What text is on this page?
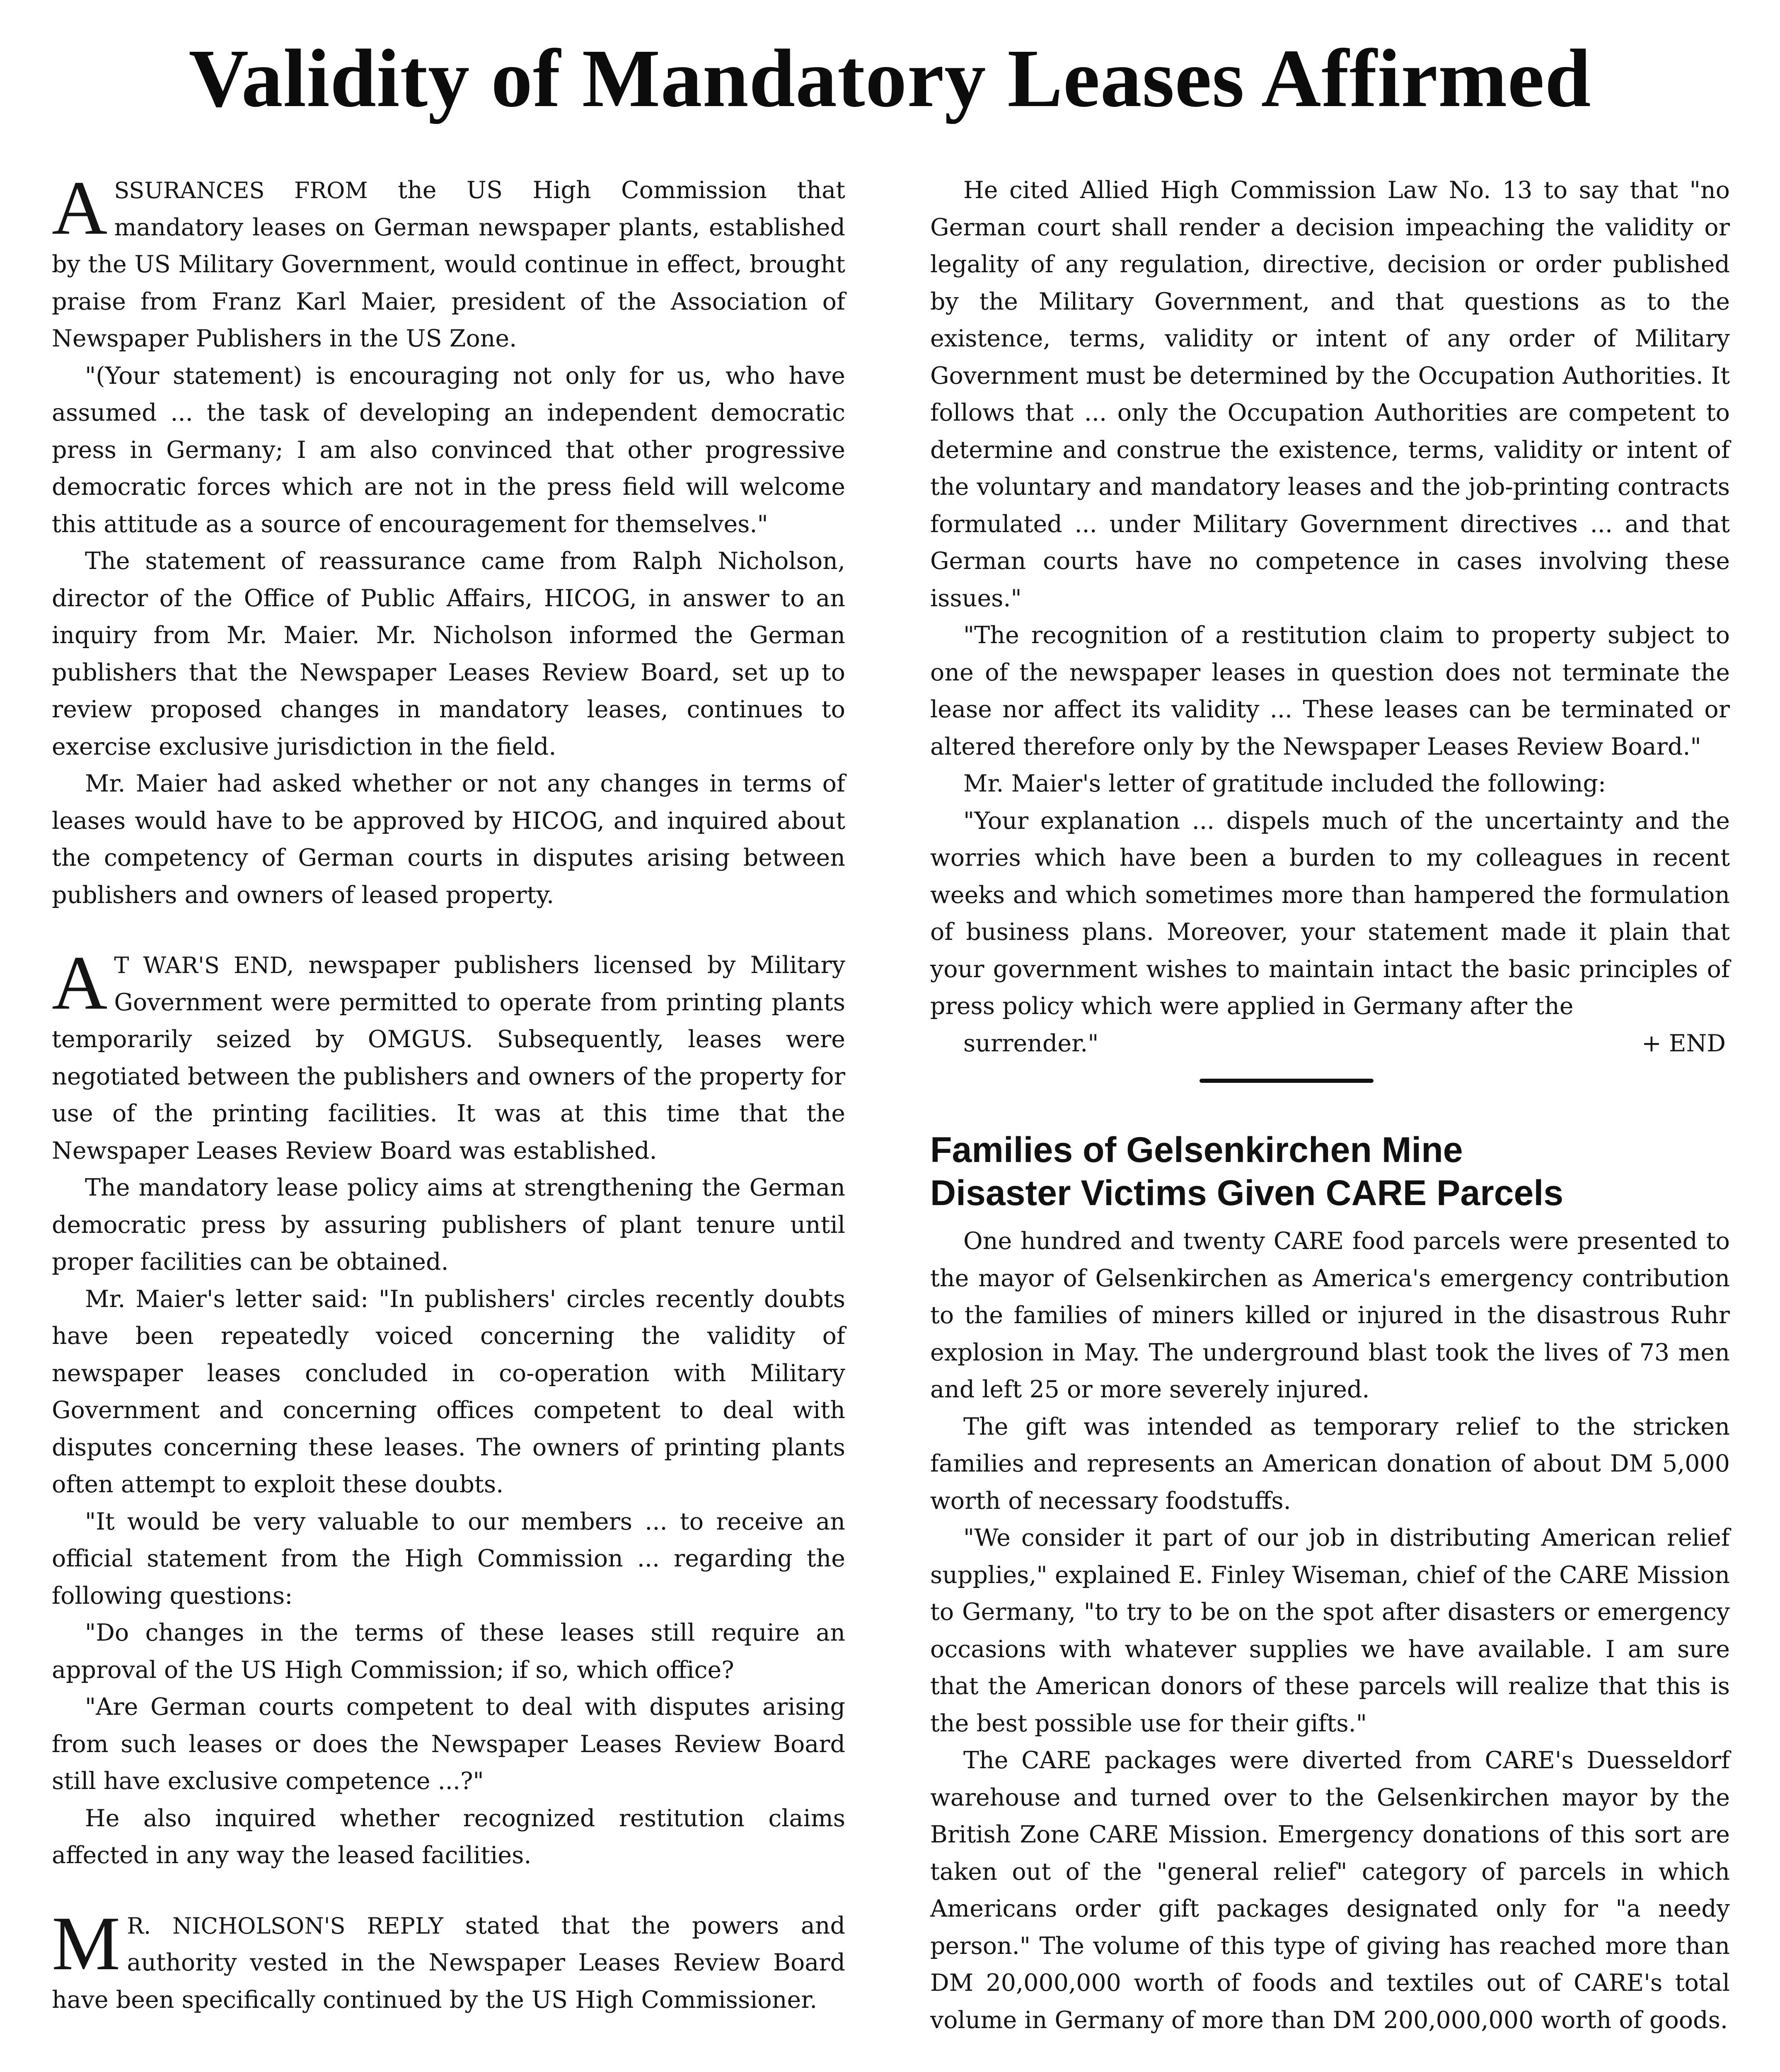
Validity of Mandatory Leases Affirmed

ASSURANCES FROM the US High Commission that mandatory leases on German newspaper plants, established by the US Military Government, would continue in effect, brought praise from Franz Karl Maier, president of the Association of Newspaper Publishers in the US Zone.

"(Your statement) is encouraging not only for us, who have assumed ... the task of developing an independent democratic press in Germany; I am also convinced that other progressive democratic forces which are not in the press field will welcome this attitude as a source of encouragement for themselves."

The statement of reassurance came from Ralph Nicholson, director of the Office of Public Affairs, HICOG, in answer to an inquiry from Mr. Maier. Mr. Nicholson informed the German publishers that the Newspaper Leases Review Board, set up to review proposed changes in mandatory leases, continues to exercise exclusive jurisdiction in the field.

Mr. Maier had asked whether or not any changes in terms of leases would have to be approved by HICOG, and inquired about the competency of German courts in disputes arising between publishers and owners of leased property.

AT WAR'S END, newspaper publishers licensed by Military Government were permitted to operate from printing plants temporarily seized by OMGUS. Subsequently, leases were negotiated between the publishers and owners of the property for use of the printing facilities. It was at this time that the Newspaper Leases Review Board was established.

The mandatory lease policy aims at strengthening the German democratic press by assuring publishers of plant tenure until proper facilities can be obtained.

Mr. Maier's letter said: "In publishers' circles recently doubts have been repeatedly voiced concerning the validity of newspaper leases concluded in co-operation with Military Government and concerning offices competent to deal with disputes concerning these leases. The owners of printing plants often attempt to exploit these doubts.

"It would be very valuable to our members ... to receive an official statement from the High Commission ... regarding the following questions:

"Do changes in the terms of these leases still require an approval of the US High Commission; if so, which office?

"Are German courts competent to deal with disputes arising from such leases or does the Newspaper Leases Review Board still have exclusive competence ...?"

He also inquired whether recognized restitution claims affected in any way the leased facilities.

MR. NICHOLSON'S REPLY stated that the powers and authority vested in the Newspaper Leases Review Board have been specifically continued by the US High Commissioner.

He cited Allied High Commission Law No. 13 to say that "no German court shall render a decision impeaching the validity or legality of any regulation, directive, decision or order published by the Military Government, and that questions as to the existence, terms, validity or intent of any order of Military Government must be determined by the Occupation Authorities. It follows that ... only the Occupation Authorities are competent to determine and construe the existence, terms, validity or intent of the voluntary and mandatory leases and the job-printing contracts formulated ... under Military Government directives ... and that German courts have no competence in cases involving these issues."

"The recognition of a restitution claim to property subject to one of the newspaper leases in question does not terminate the lease nor affect its validity ... These leases can be terminated or altered therefore only by the Newspaper Leases Review Board."

Mr. Maier's letter of gratitude included the following:

"Your explanation ... dispels much of the uncertainty and the worries which have been a burden to my colleagues in recent weeks and which sometimes more than hampered the formulation of business plans. Moreover, your statement made it plain that your government wishes to maintain intact the basic principles of press policy which were applied in Germany after the

surrender."	+ END

Families of Gelsenkirchen Mine
Disaster Victims Given CARE Parcels

One hundred and twenty CARE food parcels were presented to the mayor of Gelsenkirchen as America's emergency contribution to the families of miners killed or injured in the disastrous Ruhr explosion in May. The underground blast took the lives of 73 men and left 25 or more severely injured.

The gift was intended as temporary relief to the stricken families and represents an American donation of about DM 5,000 worth of necessary foodstuffs.

"We consider it part of our job in distributing American relief supplies," explained E. Finley Wiseman, chief of the CARE Mission to Germany, "to try to be on the spot after disasters or emergency occasions with whatever supplies we have available. I am sure that the American donors of these parcels will realize that this is the best possible use for their gifts."

The CARE packages were diverted from CARE's Duesseldorf warehouse and turned over to the Gelsenkirchen mayor by the British Zone CARE Mission. Emergency donations of this sort are taken out of the "general relief" category of parcels in which Americans order gift packages designated only for "a needy person." The volume of this type of giving has reached more than DM 20,000,000 worth of foods and textiles out of CARE's total volume in Germany of more than DM 200,000,000 worth of goods.
